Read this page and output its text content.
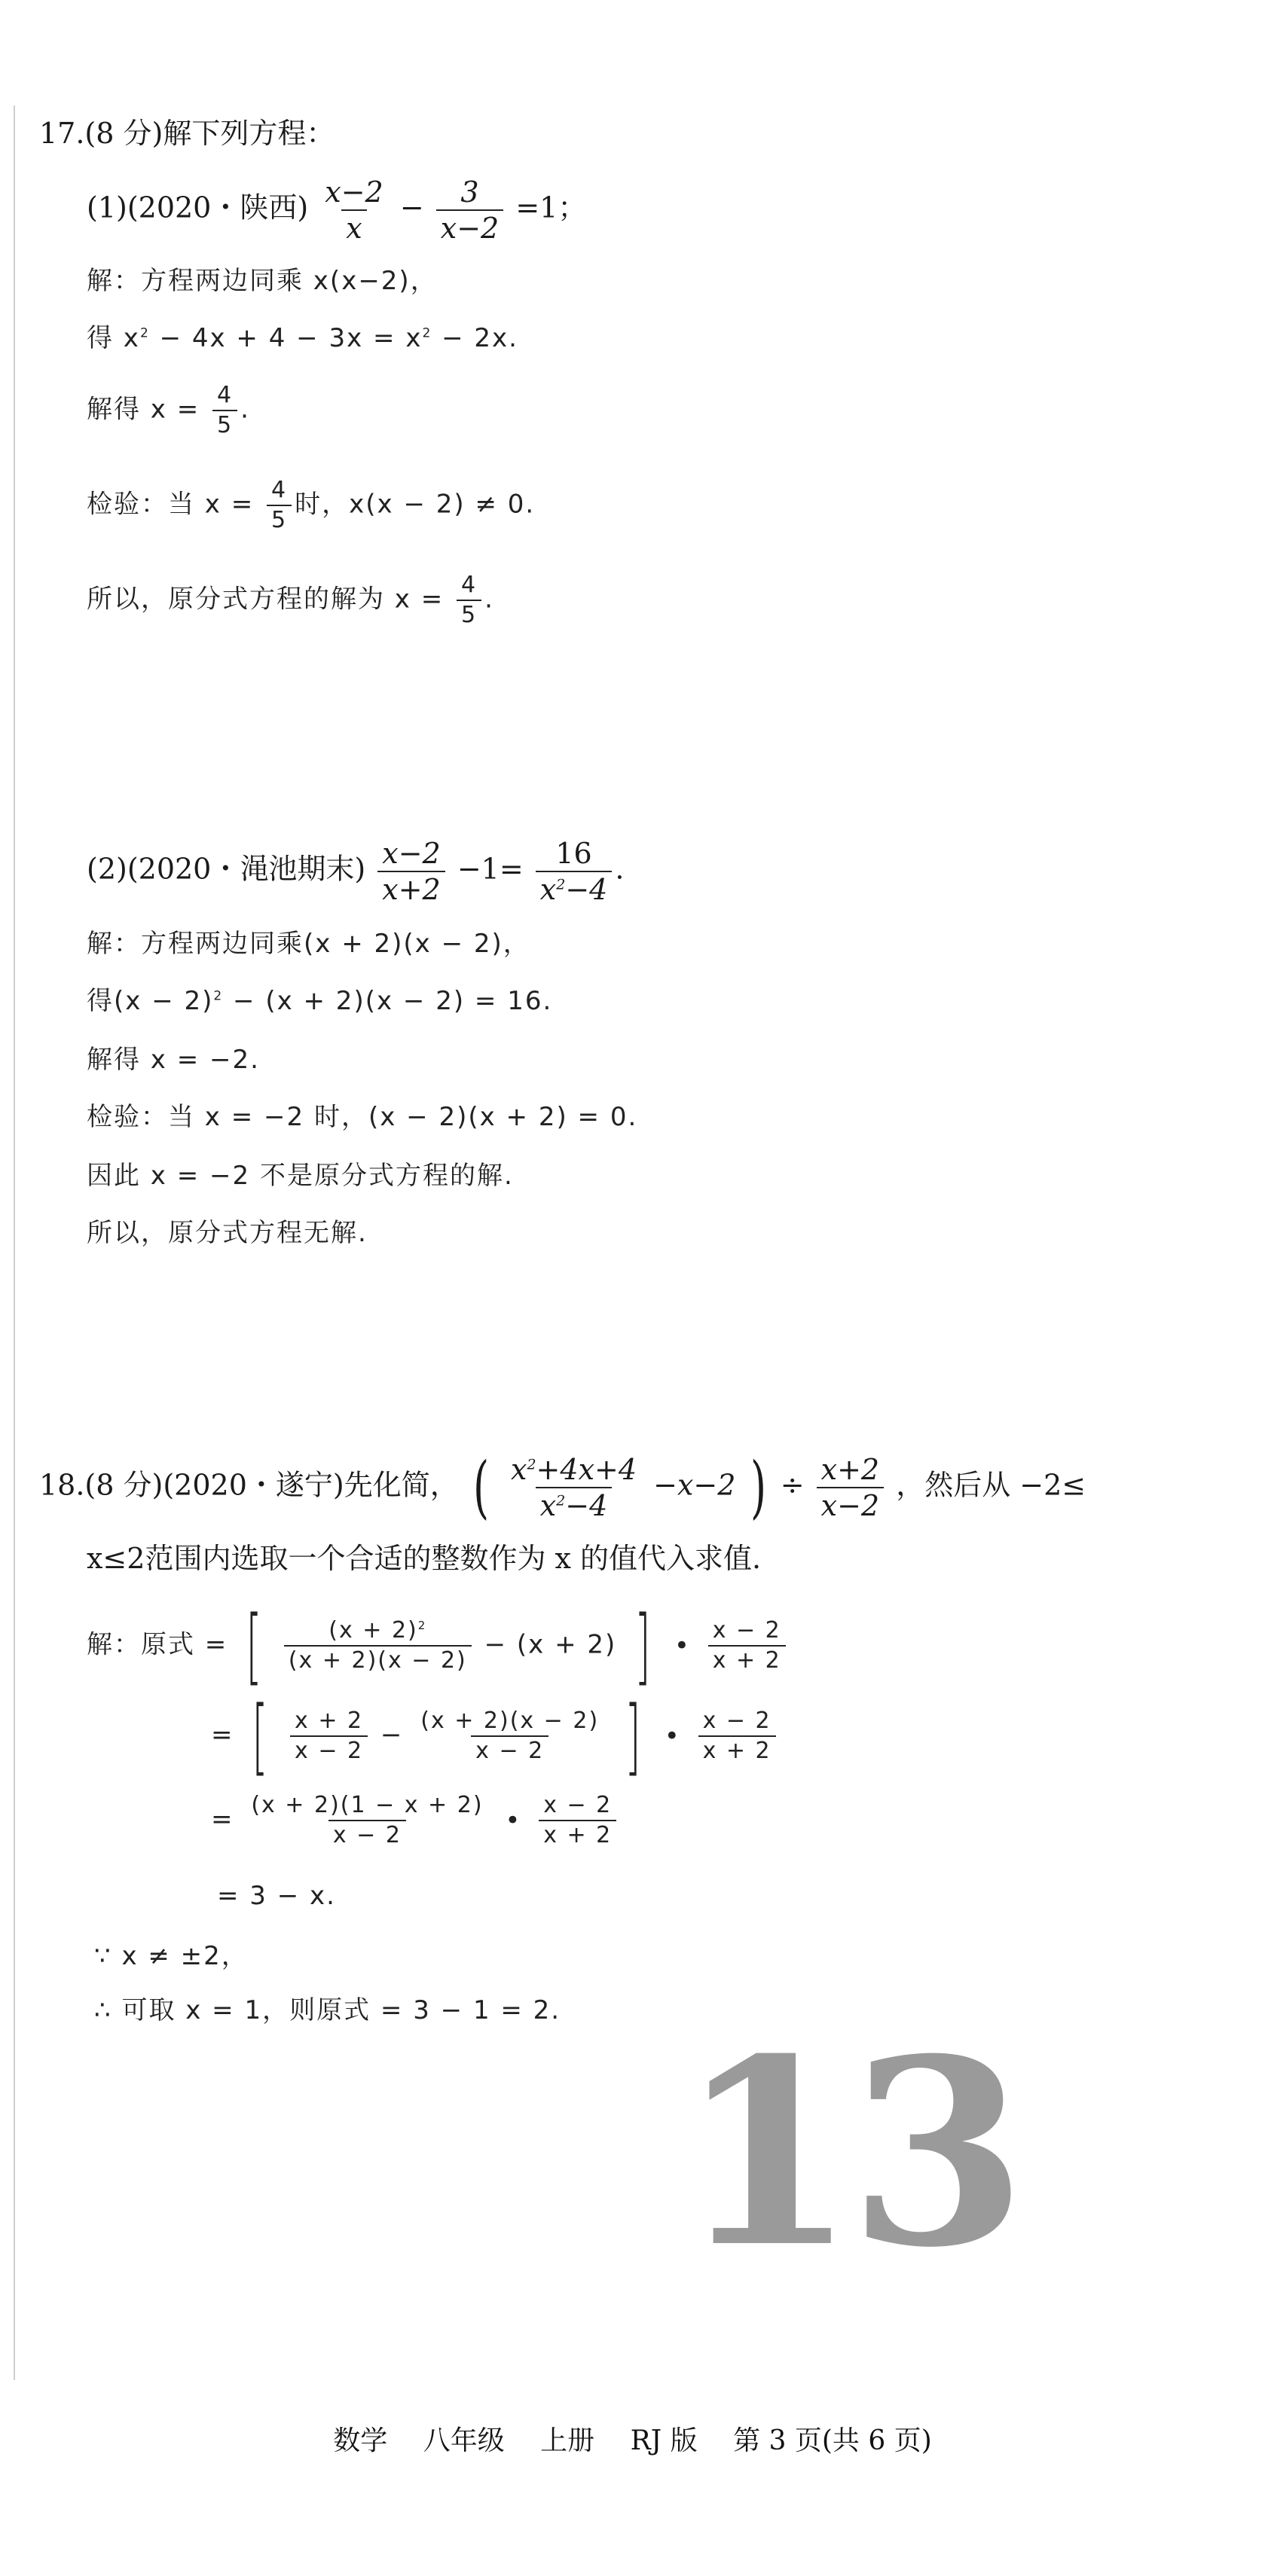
17.(8 分)解下列方程：
(1)(2020・陕西) $\frac{x-2}{x} - \frac{3}{x-2} =1$；
解：方程两边同乘 x(x−2)，
得 $x^2 - 4x + 4 - 3x = x^2 - 2x$.
解得 $x = \frac{4}{5}$ .
检验：当 $x = \frac{4}{5}$ 时，x(x − 2) ≠ 0.
所以，原分式方程的解为 $x = \frac{4}{5}$ .
(2)(2020・渑池期末) $\frac{x-2}{x+2} -1= \frac{16}{x^2-4}$ .
解：方程两边同乘(x + 2)(x − 2)，
得$(x - 2)^2 - (x + 2)(x - 2) = 16$.
解得 x = −2.
检验：当 x = −2 时，(x − 2)(x + 2) = 0.
因此 x = −2 不是原分式方程的解.
所以，原分式方程无解.
18.(8 分)(2020・遂宁)先化简， ( $\frac{x^2+4x+4}{x^2-4} -x-2$ ) ÷ $\frac{x+2}{x-2}$ ，然后从 −2≤
x≤2范围内选取一个合适的整数作为 x 的值代入求值.
解：原式 = [ $\frac{(x + 2)^2}{(x + 2)(x - 2)} - (x + 2)$ ] • $\frac{x - 2}{x + 2}$
= [ $\frac{x + 2}{x - 2} - \frac{(x + 2)(x - 2)}{x - 2}$ ] • $\frac{x - 2}{x + 2}$
= $\frac{(x + 2)(1 - x + 2)}{x - 2}$ • $\frac{x - 2}{x + 2}$
= 3 − x.
∵ x ≠ ±2，
∴ 可取 x = 1，则原式 = 3 − 1 = 2. 13
数学 八年级 上册 RJ 版 第 3 页(共 6 页)
